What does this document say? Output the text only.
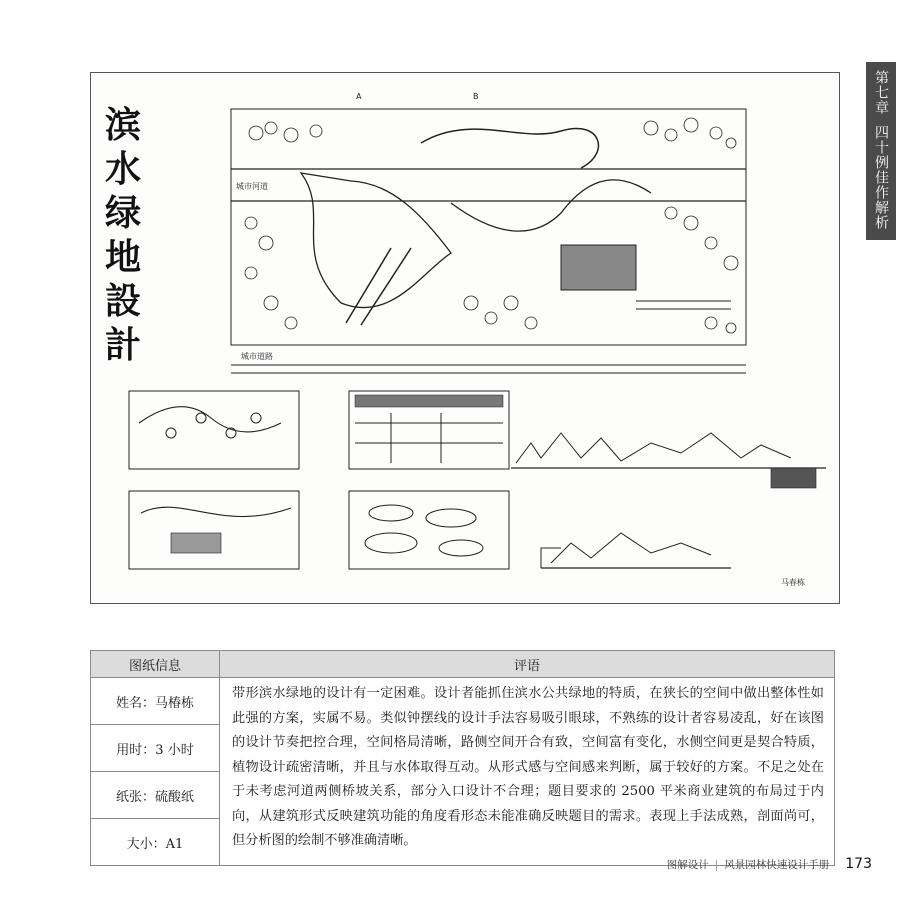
第七章
四十例佳作解析
滨水绿地設計
城市河道
城市道路
B
A
马春栋
图纸信息	评语
姓名：马椿栋	带形滨水绿地的设计有一定困难。设计者能抓住滨水公共绿地的特质，在狭长的空间中做出整体性如此强的方案，实属不易。类似钟摆线的设计手法容易吸引眼球，不熟练的设计者容易凌乱，好在该图的设计节奏把控合理，空间格局清晰，路侧空间开合有致，空间富有变化，水侧空间更是契合特质，植物设计疏密清晰，并且与水体取得互动。从形式感与空间感来判断，属于较好的方案。不足之处在于未考虑河道两侧桥坡关系，部分入口设计不合理；题目要求的 2500 平米商业建筑的布局过于内向，从建筑形式反映建筑功能的角度看形态未能准确反映题目的需求。表现上手法成熟，剖面尚可，但分析图的绘制不够准确清晰。
用时：3 小时	
纸张：硫酸纸	
大小：A1	
图解设计 | 风景园林快速设计手册 173
